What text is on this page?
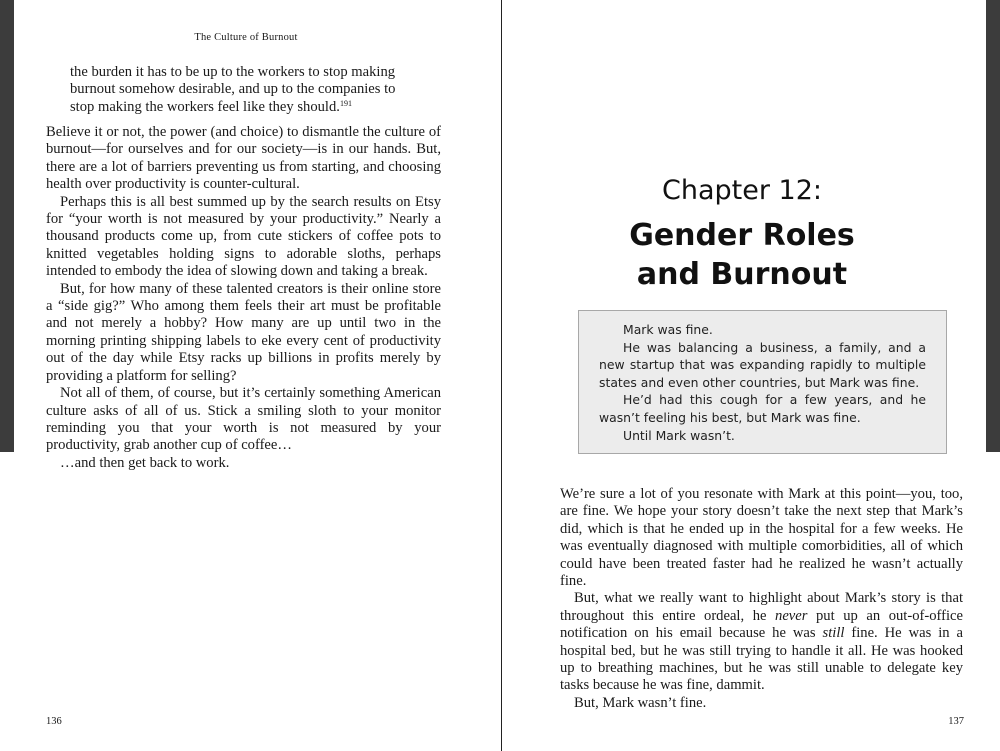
The Culture of Burnout

the burden it has to be up to the workers to stop making

burnout somehow desirable, and up to the companies to

stop making the workers feel like they should.$^{191}$

Believe it or not, the power (and choice) to dismantle the culture of burnout—for ourselves and for our society—is in our hands. But, there are a lot of barriers preventing us from starting, and choosing health over productivity is counter-cultural.

Perhaps this is all best summed up by the search results on Etsy for “your worth is not measured by your productivity.” Nearly a thousand products come up, from cute stickers of coffee pots to knitted vegetables holding signs to adorable sloths, perhaps intended to embody the idea of slowing down and taking a break.

But, for how many of these talented creators is their online store a “side gig?” Who among them feels their art must be profitable and not merely a hobby? How many are up until two in the morning printing shipping labels to eke every cent of productivity out of the day while Etsy racks up billions in profits merely by providing a platform for selling?

Not all of them, of course, but it’s certainly something American culture asks of all of us. Stick a smiling sloth to your monitor reminding you that your worth is not measured by your productivity, grab another cup of coffee…

…and then get back to work.

136
Chapter 12:
Gender Roles
and Burnout

Mark was fine.

He was balancing a business, a family, and a new startup that was expanding rapidly to multiple states and even other countries, but Mark was fine.

He’d had this cough for a few years, and he wasn’t feeling his best, but Mark was fine.

Until Mark wasn’t.

We’re sure a lot of you resonate with Mark at this point—you, too, are fine. We hope your story doesn’t take the next step that Mark’s did, which is that he ended up in the hospital for a few weeks. He was eventually diagnosed with multiple comorbidities, all of which could have been treated faster had he realized he wasn’t actually fine.

But, what we really want to highlight about Mark’s story is that throughout this entire ordeal, he never put up an out-of-office notification on his email because he was still fine. He was in a hospital bed, but he was still trying to handle it all. He was hooked up to breathing machines, but he was still unable to delegate key tasks because he was fine, dammit.

But, Mark wasn’t fine.

137
